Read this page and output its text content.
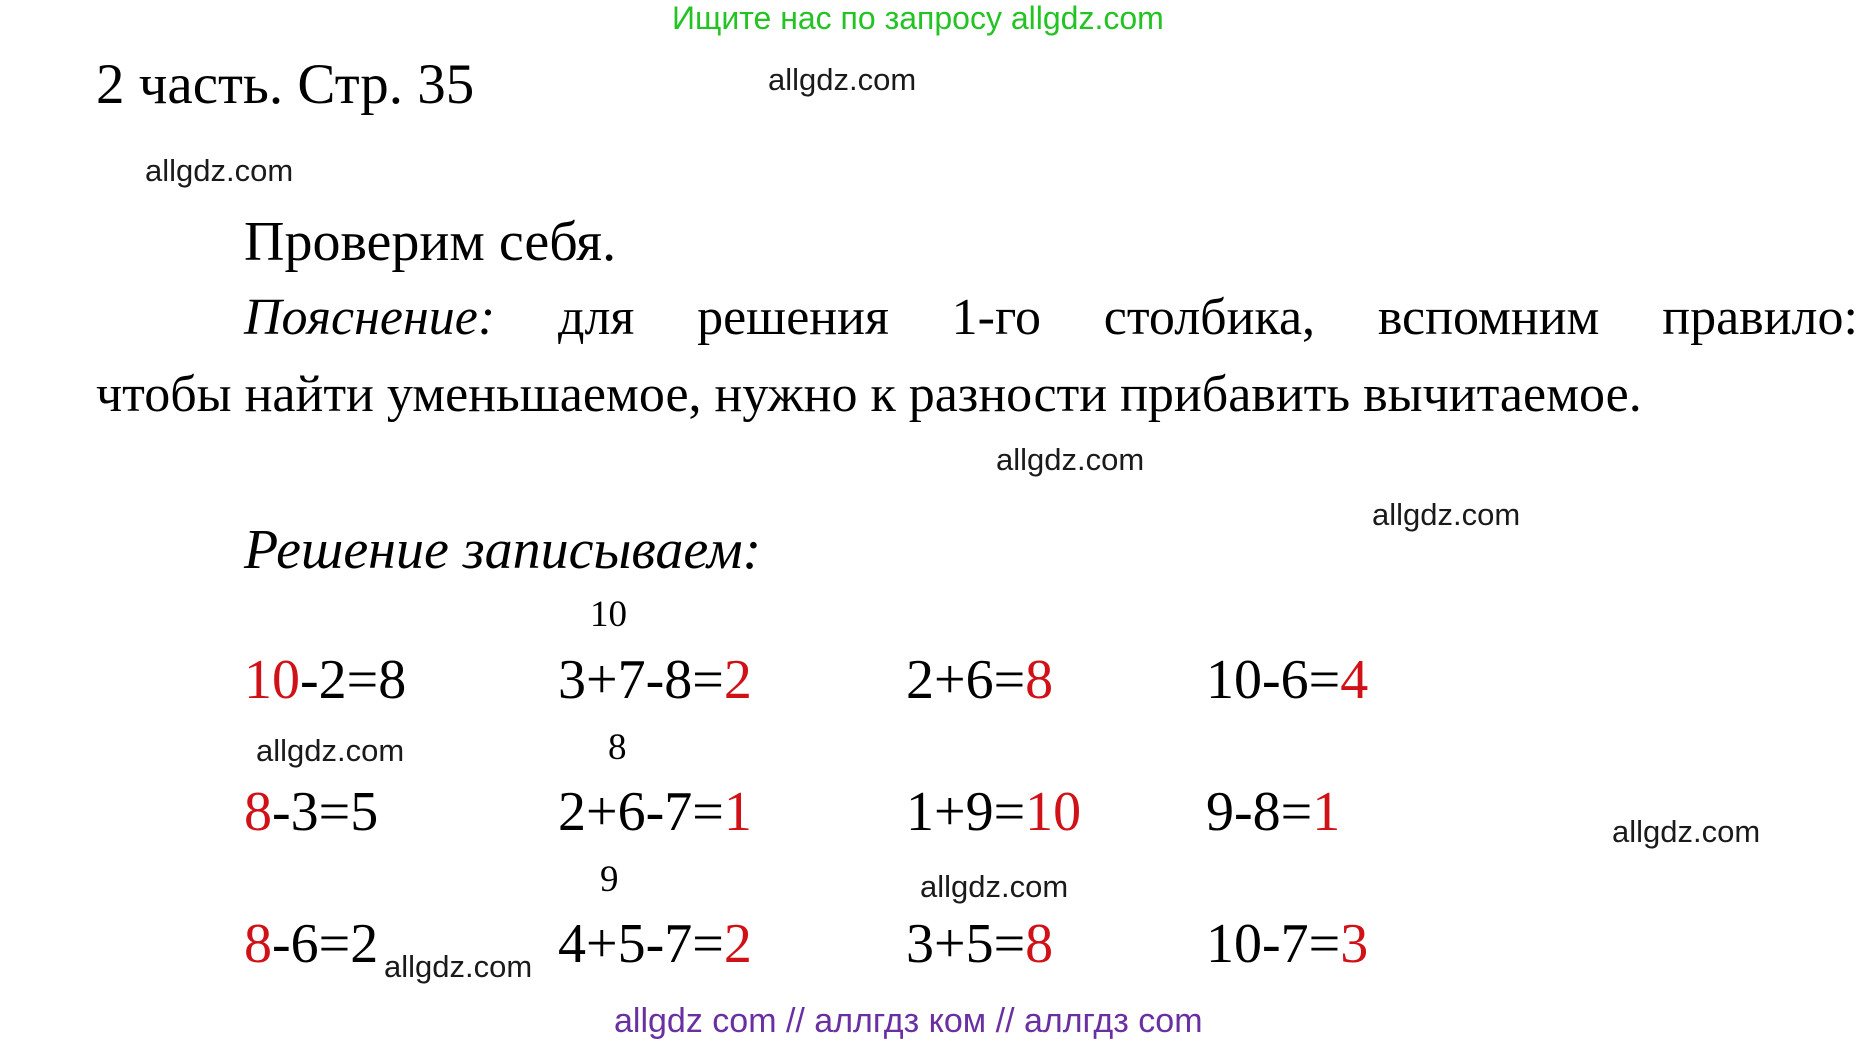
Ищите нас по запросу allgdz.com
2 часть. Стр. 35
Проверим себя.
Пояснение: для решения 1-го столбика, вспомним правило:
чтобы найти уменьшаемое, нужно к разности прибавить вычитаемое.
Решение записываем:
10
8
9
10-2=8	3+7-8=2	2+6=8	10-6=4
8-3=5	2+6-7=1	1+9=10 9-8=1
8-6=2	4+5-7=2	3+5=8	10-7=3
allgdz.com
allgdz.com
allgdz.com
allgdz.com
allgdz.com
allgdz.com
allgdz.com
allgdz.com
allgdz com // аллгдз ком // аллгдз com
